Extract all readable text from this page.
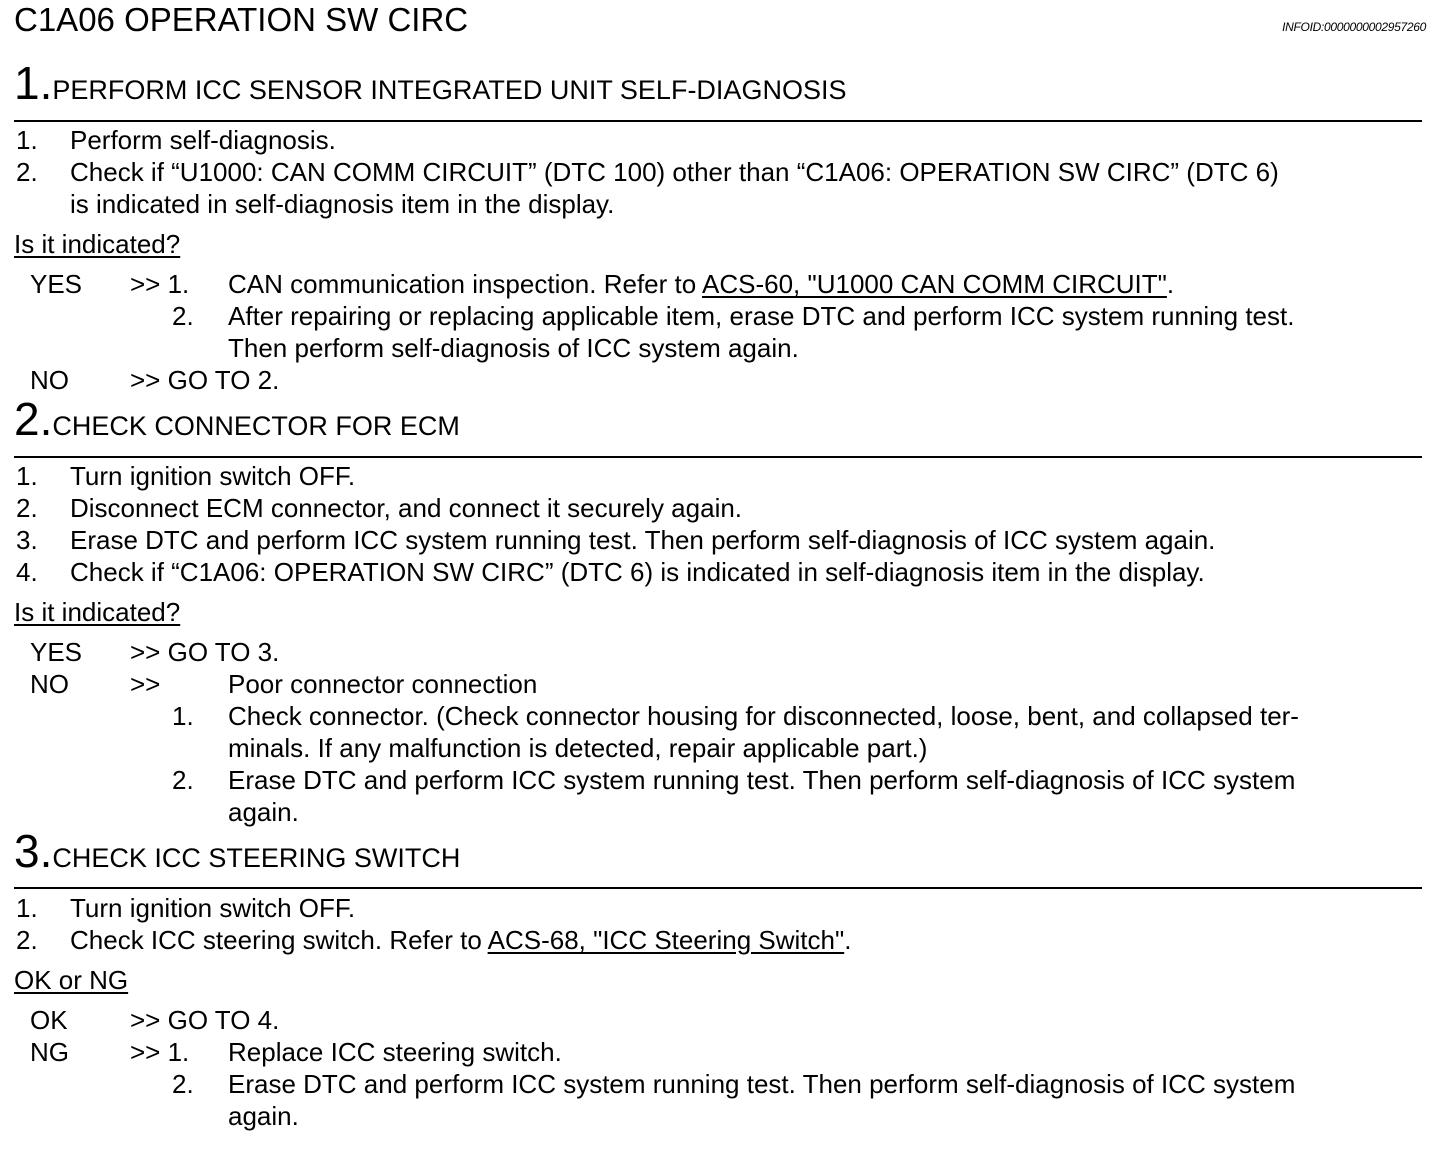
C1A06 OPERATION SW CIRC	INFOID:0000000002957260
1.PERFORM ICC SENSOR INTEGRATED UNIT SELF-DIAGNOSIS
1. Perform self-diagnosis.
2. Check if “U1000: CAN COMM CIRCUIT” (DTC 100) other than “C1A06: OPERATION SW CIRC” (DTC 6)
is indicated in self-diagnosis item in the display.
Is it indicated?
YES >> 1. CAN communication inspection. Refer to ACS-60, "U1000 CAN COMM CIRCUIT".
2. After repairing or replacing applicable item, erase DTC and perform ICC system running test.
Then perform self-diagnosis of ICC system again.
NO >> GO TO 2.
2.CHECK CONNECTOR FOR ECM
1. Turn ignition switch OFF.
2. Disconnect ECM connector, and connect it securely again.
3. Erase DTC and perform ICC system running test. Then perform self-diagnosis of ICC system again.
4. Check if “C1A06: OPERATION SW CIRC” (DTC 6) is indicated in self-diagnosis item in the display.
Is it indicated?
YES >> GO TO 3.
NO >>	Poor connector connection
1. Check connector. (Check connector housing for disconnected, loose, bent, and collapsed ter-
minals. If any malfunction is detected, repair applicable part.)
2. Erase DTC and perform ICC system running test. Then perform self-diagnosis of ICC system
again.
3.CHECK ICC STEERING SWITCH
1. Turn ignition switch OFF.
2. Check ICC steering switch. Refer to ACS-68, "ICC Steering Switch".
OK or NG
OK >> GO TO 4.
NG >> 1. Replace ICC steering switch.
2. Erase DTC and perform ICC system running test. Then perform self-diagnosis of ICC system
again.
